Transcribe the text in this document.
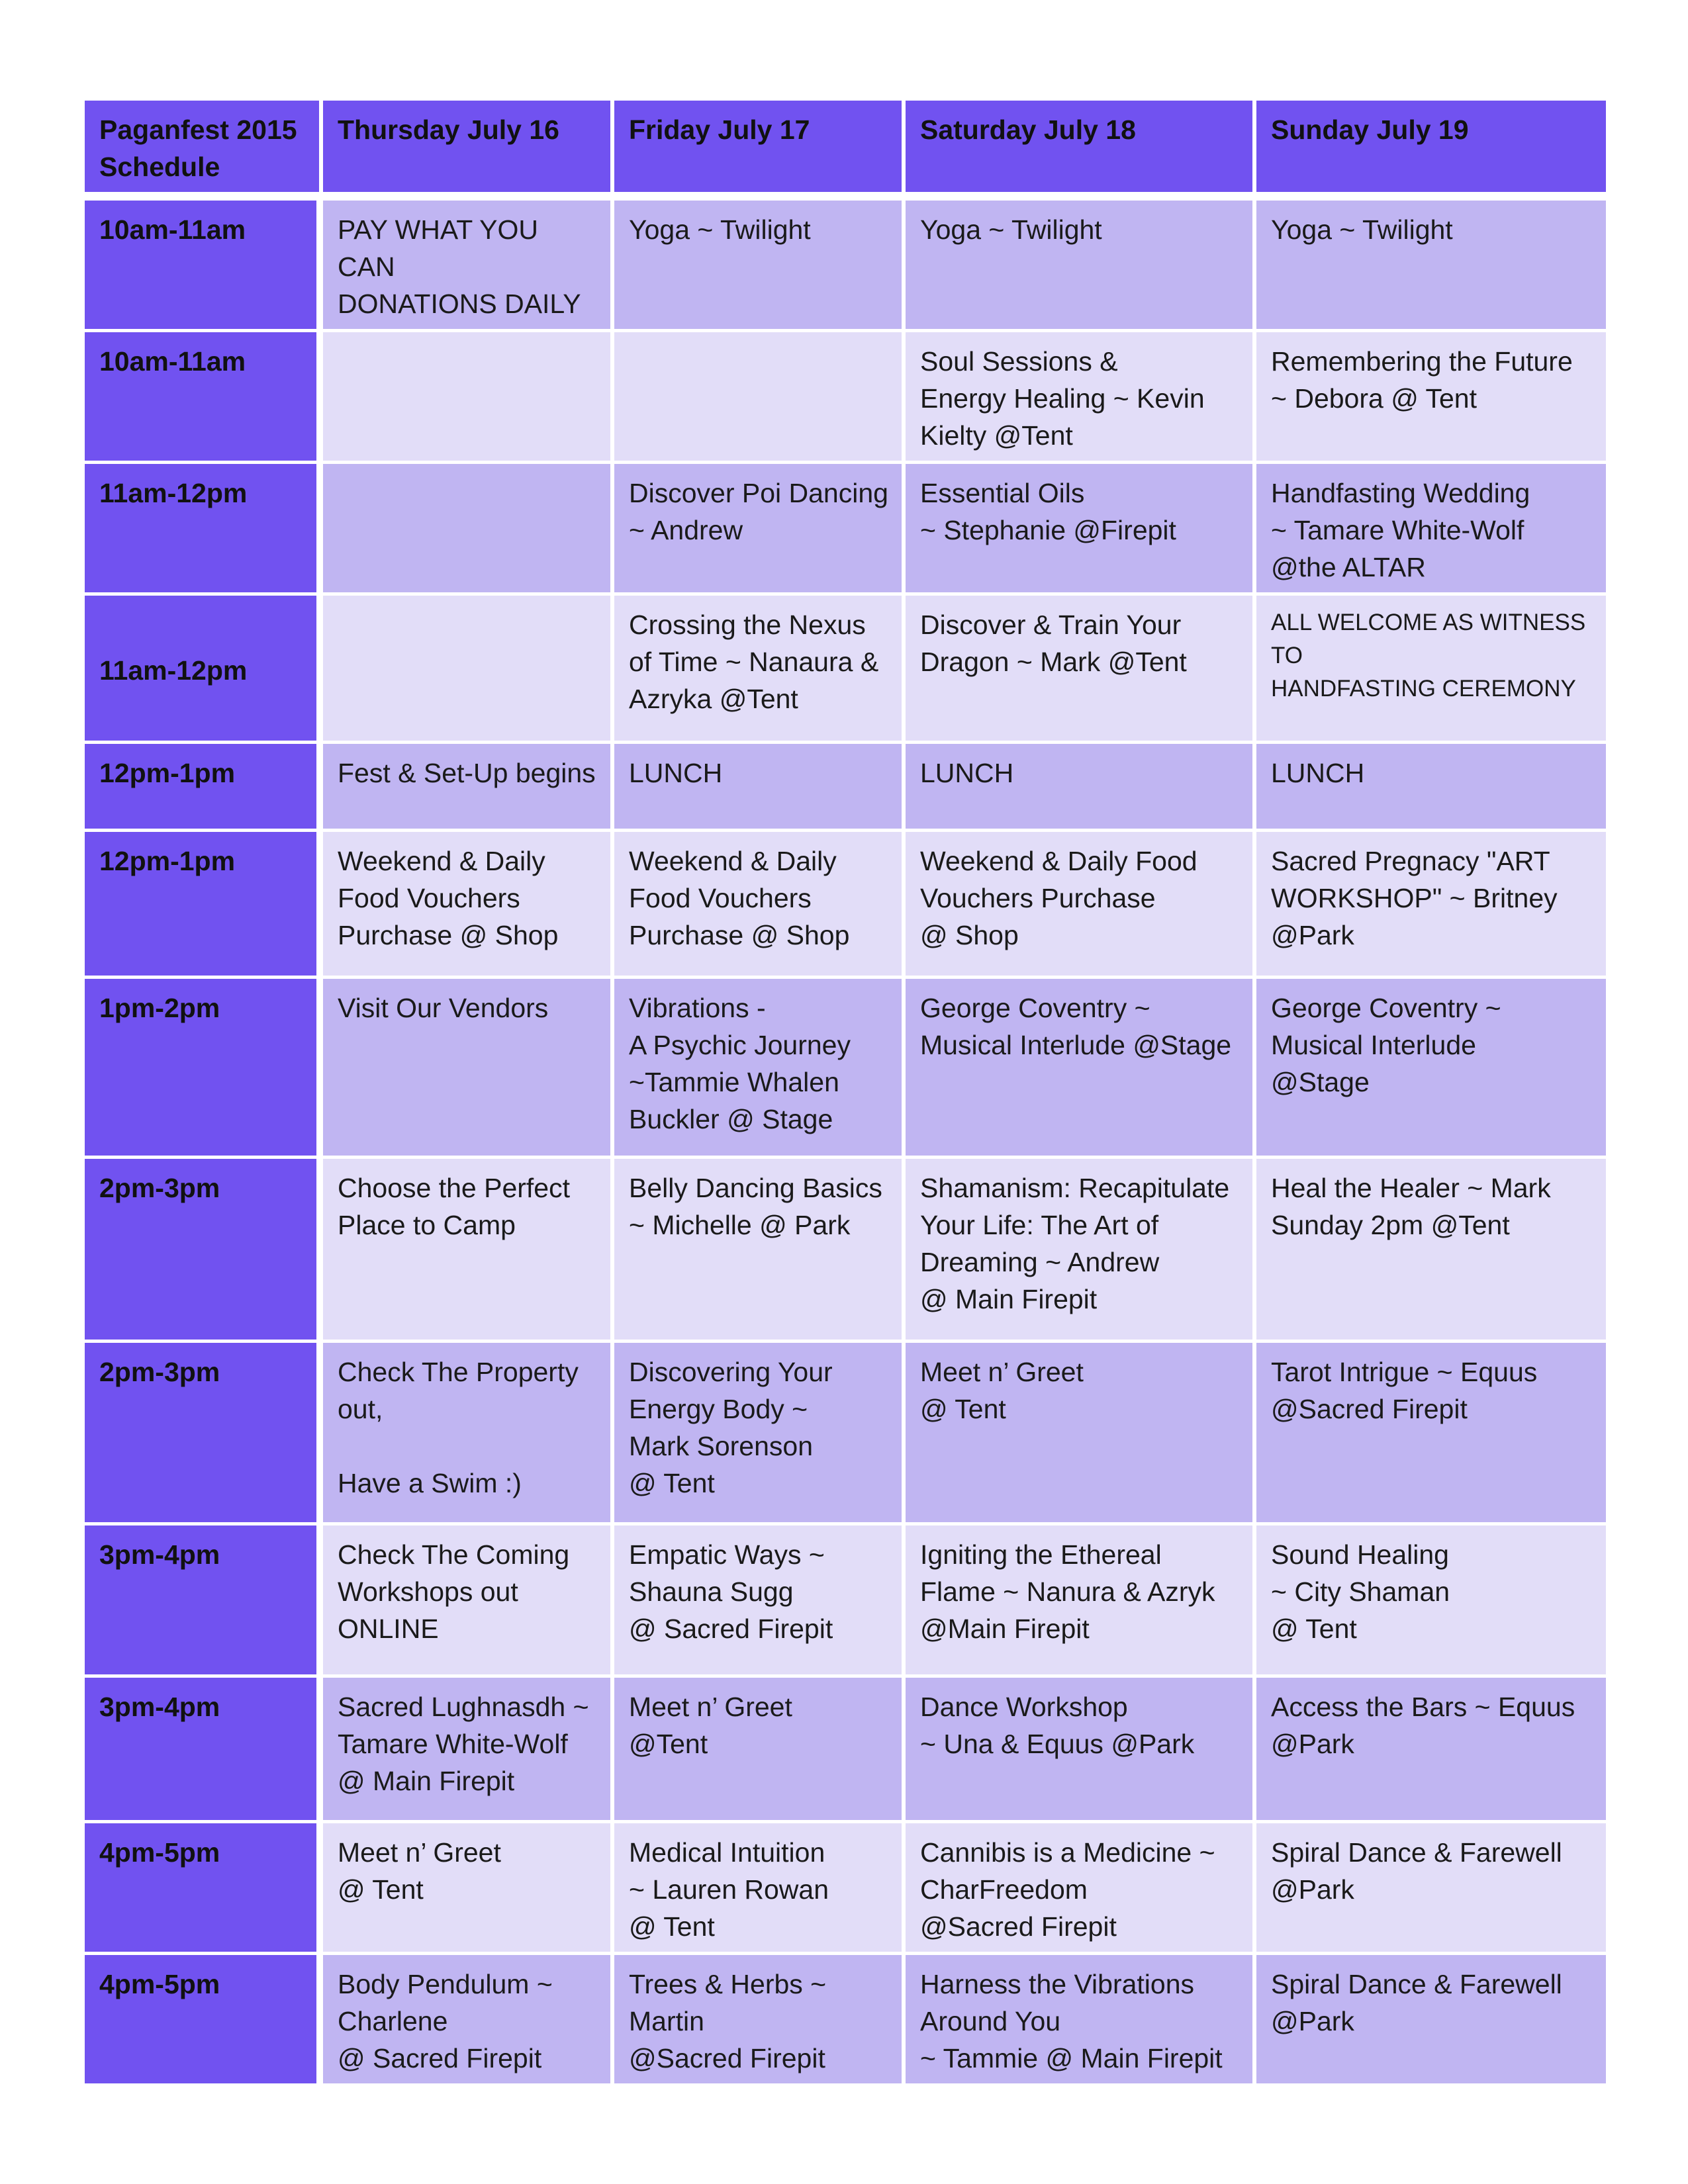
Paganfest 2015
Schedule	Thursday July 16	Friday July 17	Saturday July 18	Sunday July 19
10am-11am	PAY WHAT YOU CAN
DONATIONS DAILY	Yoga ~ Twilight	Yoga ~ Twilight	Yoga ~ Twilight
10am-11am			Soul Sessions &
Energy Healing ~ Kevin
Kielty @Tent	Remembering the Future
~ Debora @ Tent
11am-12pm		Discover Poi Dancing
~ Andrew	Essential Oils
~ Stephanie @Firepit	Handfasting Wedding
~ Tamare White-Wolf
@the ALTAR
11am-12pm		Crossing the Nexus
of Time ~ Nanaura &
Azryka @Tent	Discover & Train Your
Dragon ~ Mark @Tent	ALL WELCOME AS WITNESS
TO
HANDFASTING CEREMONY
12pm-1pm	Fest & Set-Up begins	LUNCH	LUNCH	LUNCH
12pm-1pm	Weekend & Daily
Food Vouchers
Purchase @ Shop	Weekend & Daily
Food Vouchers
Purchase @ Shop	Weekend & Daily Food
Vouchers Purchase
@ Shop	Sacred Pregnacy "ART
WORKSHOP" ~ Britney
@Park
1pm-2pm	Visit Our Vendors	Vibrations -
A Psychic Journey
~Tammie Whalen
Buckler @ Stage	George Coventry ~
Musical Interlude @Stage	George Coventry ~
Musical Interlude
@Stage
2pm-3pm	Choose the Perfect
Place to Camp	Belly Dancing Basics
~ Michelle @ Park	Shamanism: Recapitulate
Your Life: The Art of
Dreaming ~ Andrew
@ Main Firepit	Heal the Healer ~ Mark
Sunday 2pm @Tent
2pm-3pm	Check The Property
out,

Have a Swim :)	Discovering Your
Energy Body ~
Mark Sorenson
@ Tent	Meet n’ Greet
@ Tent	Tarot Intrigue ~ Equus
@Sacred Firepit
3pm-4pm	Check The Coming
Workshops out
ONLINE	Empatic Ways ~
Shauna Sugg
@ Sacred Firepit	Igniting the Ethereal
Flame ~ Nanura & Azryk
@Main Firepit	Sound Healing
~ City Shaman
@ Tent
3pm-4pm	Sacred Lughnasdh ~
Tamare White-Wolf
@ Main Firepit	Meet n’ Greet
@Tent	Dance Workshop
~ Una & Equus @Park	Access the Bars ~ Equus
@Park
4pm-5pm	Meet n’ Greet
@ Tent	Medical Intuition
~ Lauren Rowan
@ Tent	Cannibis is a Medicine ~
CharFreedom
@Sacred Firepit	Spiral Dance & Farewell
@Park
4pm-5pm	Body Pendulum ~
Charlene
@ Sacred Firepit	Trees & Herbs ~
Martin
@Sacred Firepit	Harness the Vibrations
Around You
~ Tammie @ Main Firepit	Spiral Dance & Farewell
@Park
